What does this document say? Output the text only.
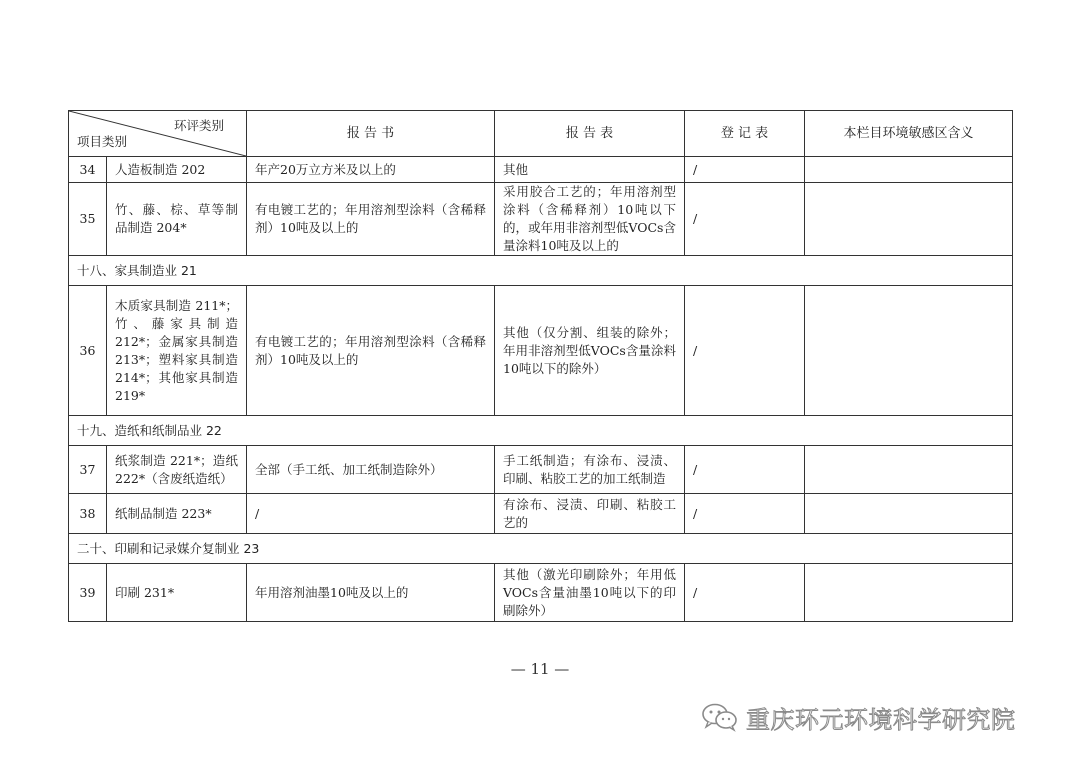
环评类别
项目类别		报 告 书	报 告 表	登 记 表	本栏目环境敏感区含义
34	人造板制造 202	年产20万立方米及以上的	其他	/	
35	竹、藤、棕、草等制品制造 204*	有电镀工艺的；年用溶剂型涂料（含稀释剂）10吨及以上的	采用胶合工艺的；年用溶剂型涂料（含稀释剂）10吨以下的，或年用非溶剂型低VOCs含量涂料10吨及以上的	/	
十八、家具制造业 21					
36	木质家具制造 211*；竹、藤家具制造 212*；金属家具制造 213*；塑料家具制造 214*；其他家具制造 219*	有电镀工艺的；年用溶剂型涂料（含稀释剂）10吨及以上的	其他（仅分割、组装的除外；年用非溶剂型低VOCs含量涂料10吨以下的除外）	/	
十九、造纸和纸制品业 22					
37	纸浆制造 221*；造纸 222*（含废纸造纸）	全部（手工纸、加工纸制造除外）	手工纸制造；有涂布、浸渍、印刷、粘胶工艺的加工纸制造	/	
38	纸制品制造 223*	/	有涂布、浸渍、印刷、粘胶工艺的	/	
二十、印刷和记录媒介复制业 23					
39	印刷 231*	年用溶剂油墨10吨及以上的	其他（激光印刷除外；年用低VOCs含量油墨10吨以下的印刷除外）	/	
— 11 —
重庆环元环境科学研究院
